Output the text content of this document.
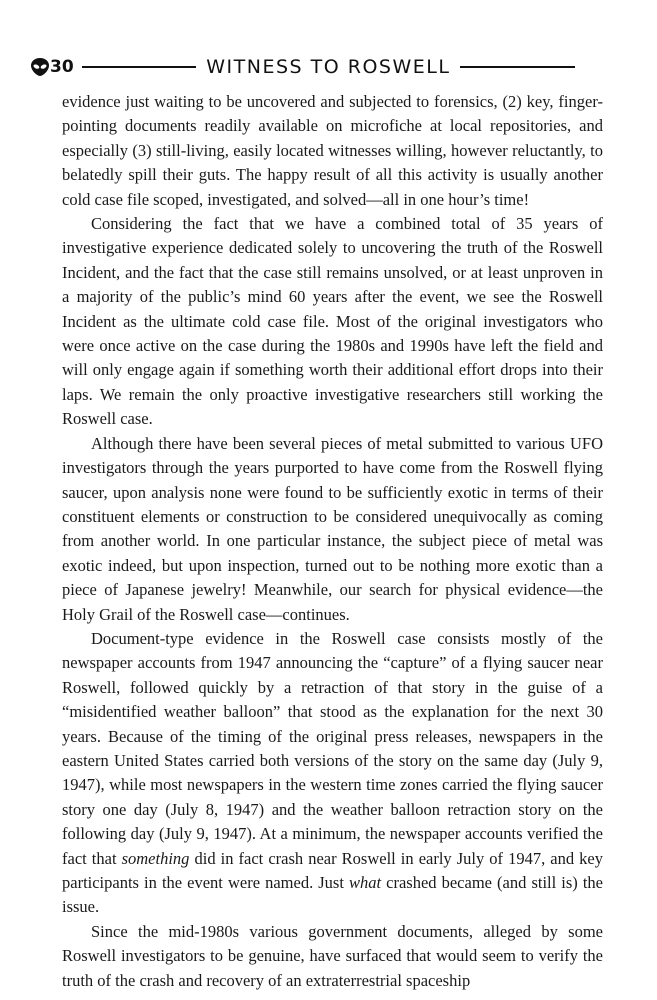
30	WITNESS TO ROSWELL

evidence just waiting to be uncovered and subjected to forensics, (2) key, finger-pointing documents readily available on microfiche at local repositories, and especially (3) still-living, easily located witnesses willing, however reluctantly, to belatedly spill their guts. The happy result of all this activity is usually another cold case file scoped, investigated, and solved—all in one hour’s time!

Considering the fact that we have a combined total of 35 years of investigative experience dedicated solely to uncovering the truth of the Roswell Incident, and the fact that the case still remains unsolved, or at least unproven in a majority of the public’s mind 60 years after the event, we see the Roswell Incident as the ultimate cold case file. Most of the original investigators who were once active on the case during the 1980s and 1990s have left the field and will only engage again if something worth their additional effort drops into their laps. We remain the only proactive investigative researchers still working the Roswell case.

Although there have been several pieces of metal submitted to various UFO investigators through the years purported to have come from the Roswell flying saucer, upon analysis none were found to be sufficiently exotic in terms of their constituent elements or construction to be considered unequivocally as coming from another world. In one particular instance, the subject piece of metal was exotic indeed, but upon inspection, turned out to be nothing more exotic than a piece of Japanese jewelry! Meanwhile, our search for physical evidence—the Holy Grail of the Roswell case—continues.

Document-type evidence in the Roswell case consists mostly of the newspaper accounts from 1947 announcing the “capture” of a flying saucer near Roswell, followed quickly by a retraction of that story in the guise of a “misidentified weather balloon” that stood as the explanation for the next 30 years. Because of the timing of the original press releases, newspapers in the eastern United States carried both versions of the story on the same day (July 9, 1947), while most newspapers in the western time zones carried the flying saucer story one day (July 8, 1947) and the weather balloon retraction story on the following day (July 9, 1947). At a minimum, the newspaper accounts verified the fact that something did in fact crash near Roswell in early July of 1947, and key participants in the event were named. Just what crashed became (and still is) the issue.

Since the mid-1980s various government documents, alleged by some Roswell investigators to be genuine, have surfaced that would seem to verify the truth of the crash and recovery of an extraterrestrial spaceship
